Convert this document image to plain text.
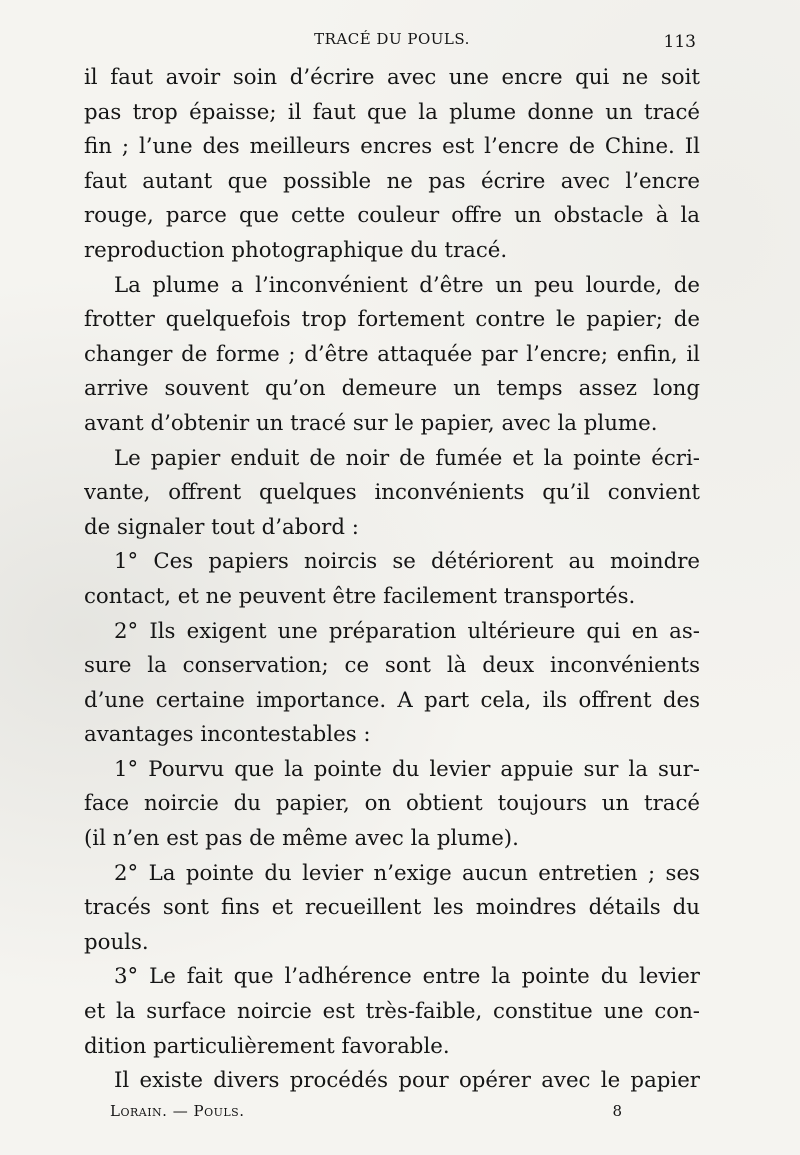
TRACÉ DU POULS.	113
il faut avoir soin d’écrire avec une encre qui ne soit
pas trop épaisse; il faut que la plume donne un tracé
fin ; l’une des meilleurs encres est l’encre de Chine. Il
faut autant que possible ne pas écrire avec l’encre
rouge, parce que cette couleur offre un obstacle à la
reproduction photographique du tracé.
La plume a l’inconvénient d’être un peu lourde, de
frotter quelquefois trop fortement contre le papier; de
changer de forme ; d’être attaquée par l’encre; enfin, il
arrive souvent qu’on demeure un temps assez long
avant d’obtenir un tracé sur le papier, avec la plume.
Le papier enduit de noir de fumée et la pointe écri-
vante, offrent quelques inconvénients qu’il convient
de signaler tout d’abord :
1° Ces papiers noircis se détériorent au moindre
contact, et ne peuvent être facilement transportés.
2° Ils exigent une préparation ultérieure qui en as-
sure la conservation; ce sont là deux inconvénients
d’une certaine importance. A part cela, ils offrent des
avantages incontestables :
1° Pourvu que la pointe du levier appuie sur la sur-
face noircie du papier, on obtient toujours un tracé
(il n’en est pas de même avec la plume).
2° La pointe du levier n’exige aucun entretien ; ses
tracés sont fins et recueillent les moindres détails du
pouls.
3° Le fait que l’adhérence entre la pointe du levier
et la surface noircie est très-faible, constitue une con-
dition particulièrement favorable.
Il existe divers procédés pour opérer avec le papier
Lorain. — Pouls.	8
